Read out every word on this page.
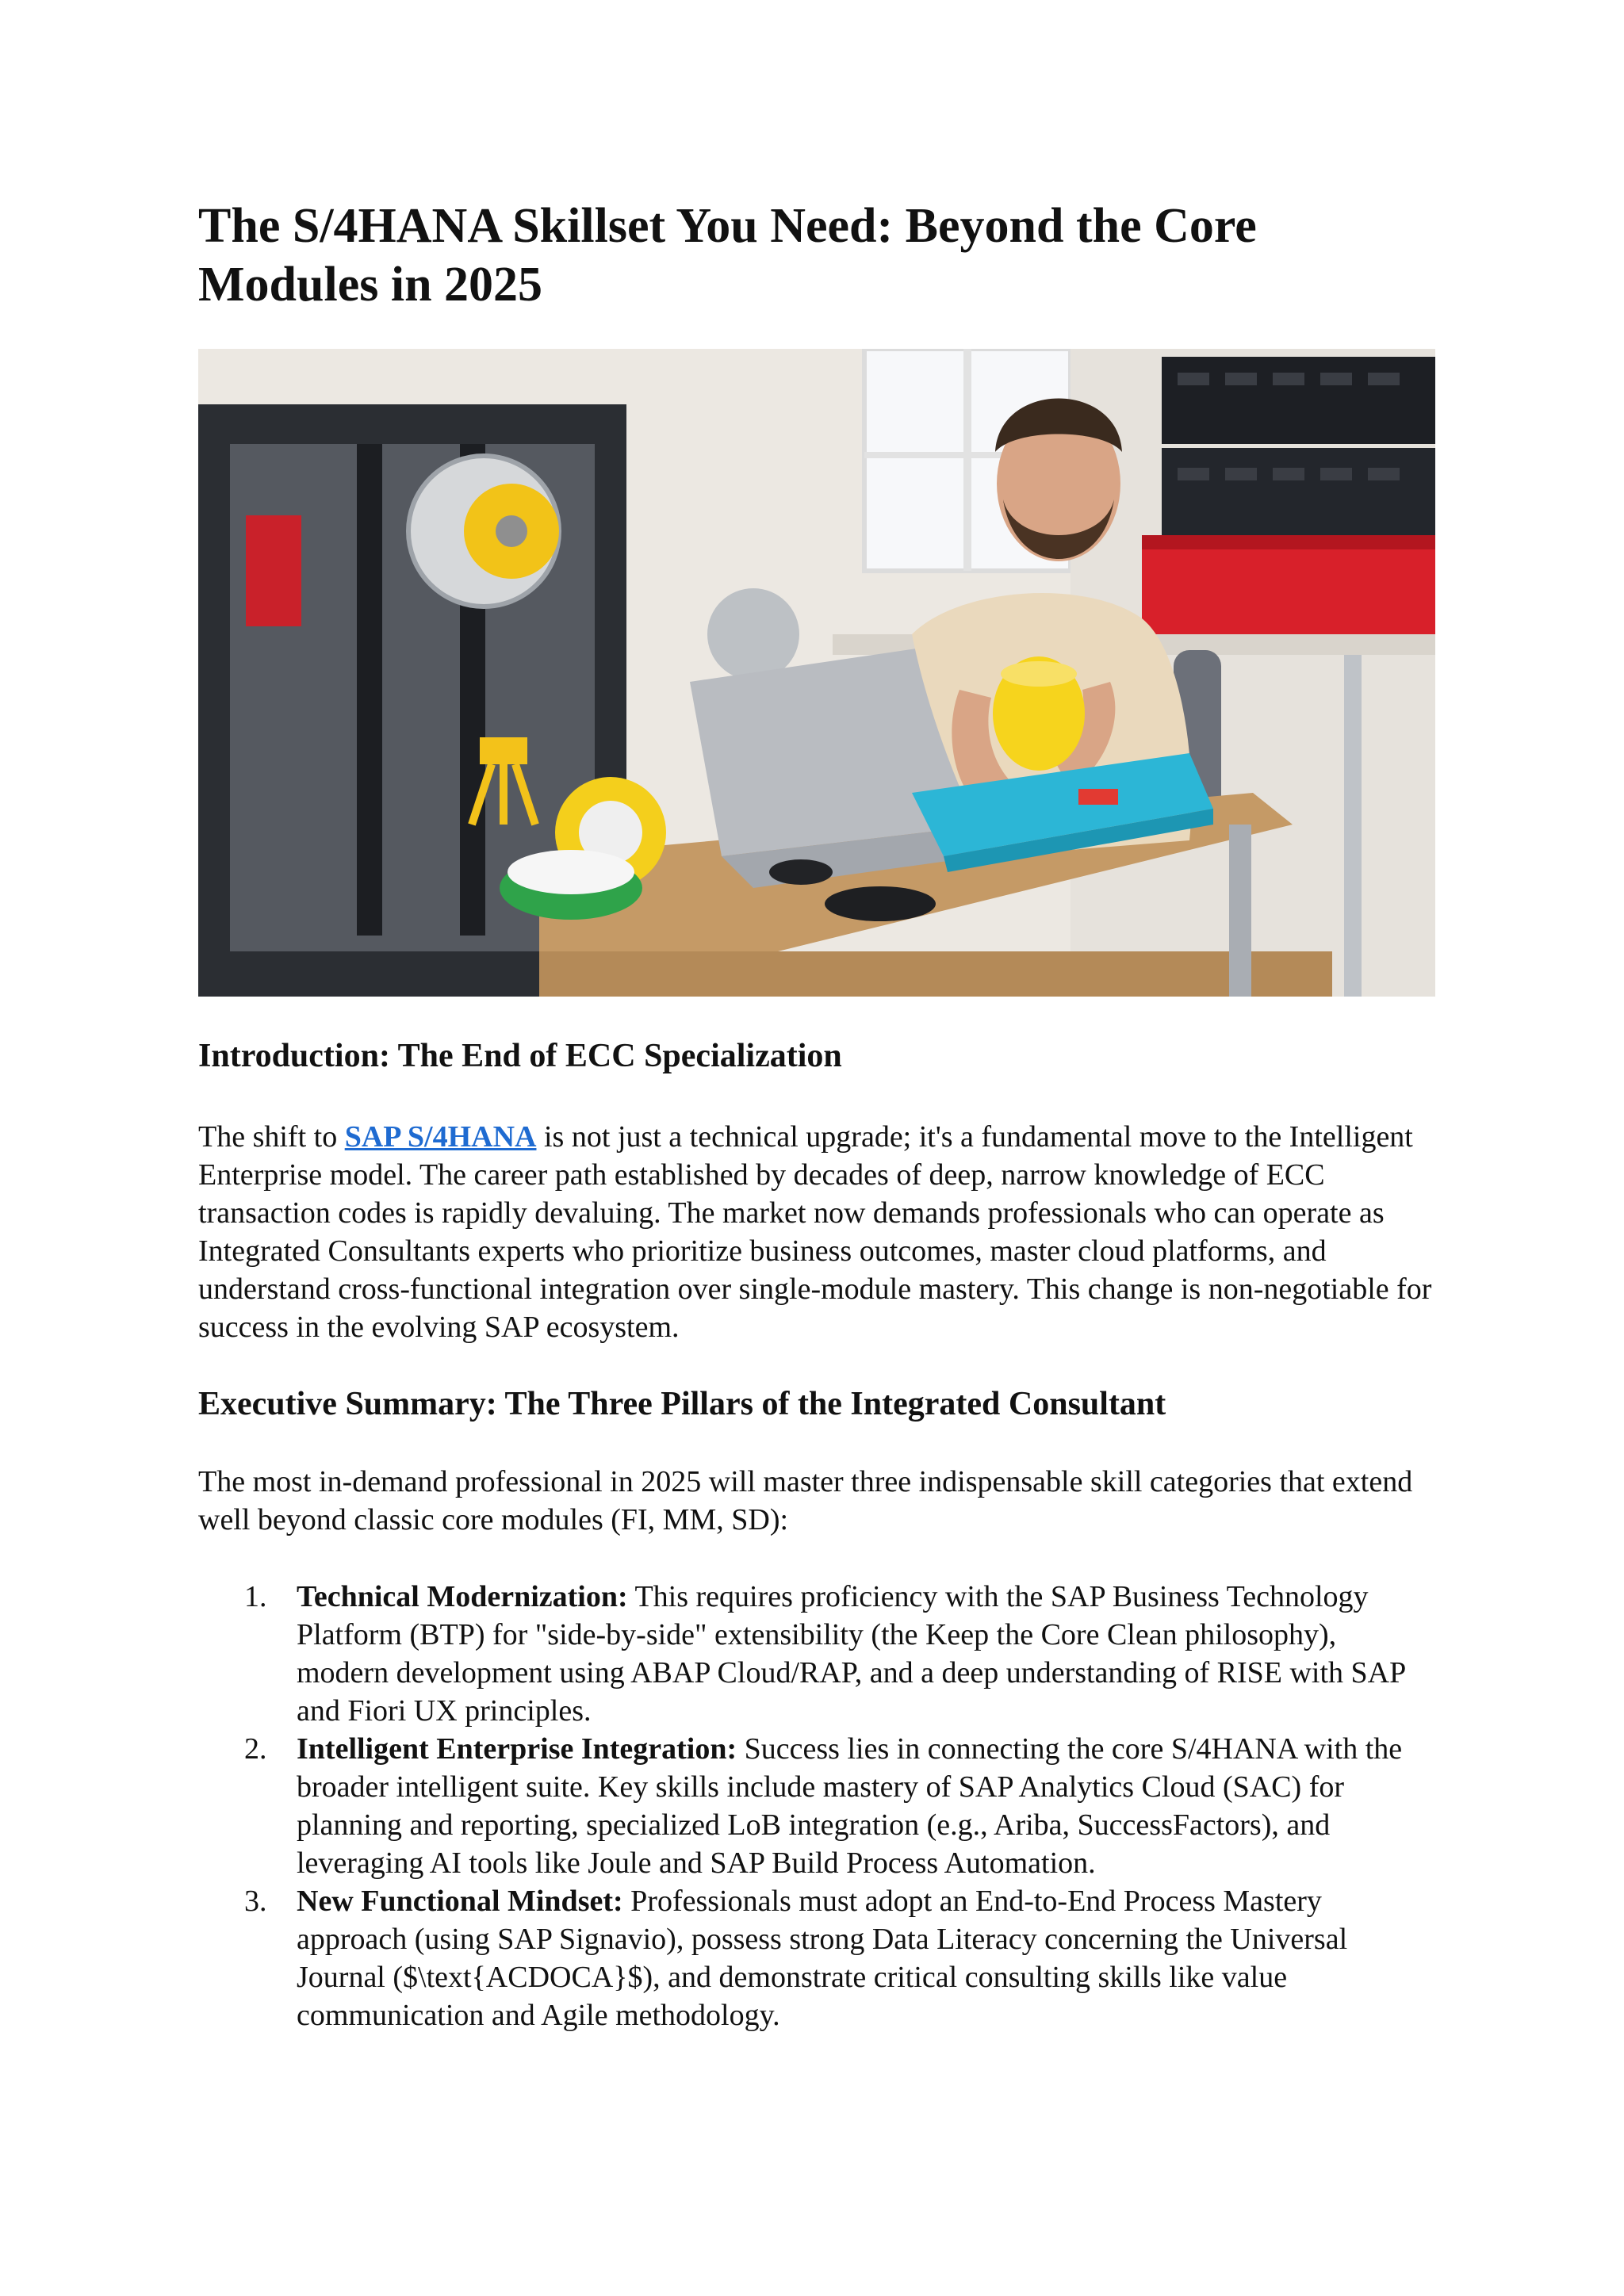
The S/4HANA Skillset You Need: Beyond the Core Modules in 2025
Introduction: The End of ECC Specialization

The shift to SAP S/4HANA is not just a technical upgrade; it's a fundamental move to the Intelligent Enterprise model. The career path established by decades of deep, narrow knowledge of ECC transaction codes is rapidly devaluing. The market now demands professionals who can operate as Integrated Consultants experts who prioritize business outcomes, master cloud platforms, and understand cross-functional integration over single-module mastery. This change is non-negotiable for success in the evolving SAP ecosystem.

Executive Summary: The Three Pillars of the Integrated Consultant

The most in-demand professional in 2025 will master three indispensable skill categories that extend well beyond classic core modules (FI, MM, SD):

1. Technical Modernization: This requires proficiency with the SAP Business Technology Platform (BTP) for "side-by-side" extensibility (the Keep the Core Clean philosophy), modern development using ABAP Cloud/RAP, and a deep understanding of RISE with SAP and Fiori UX principles.
2. Intelligent Enterprise Integration: Success lies in connecting the core S/4HANA with the broader intelligent suite. Key skills include mastery of SAP Analytics Cloud (SAC) for planning and reporting, specialized LoB integration (e.g., Ariba, SuccessFactors), and leveraging AI tools like Joule and SAP Build Process Automation.
3. New Functional Mindset: Professionals must adopt an End-to-End Process Mastery approach (using SAP Signavio), possess strong Data Literacy concerning the Universal Journal ($\text{ACDOCA}$), and demonstrate critical consulting skills like value communication and Agile methodology.
